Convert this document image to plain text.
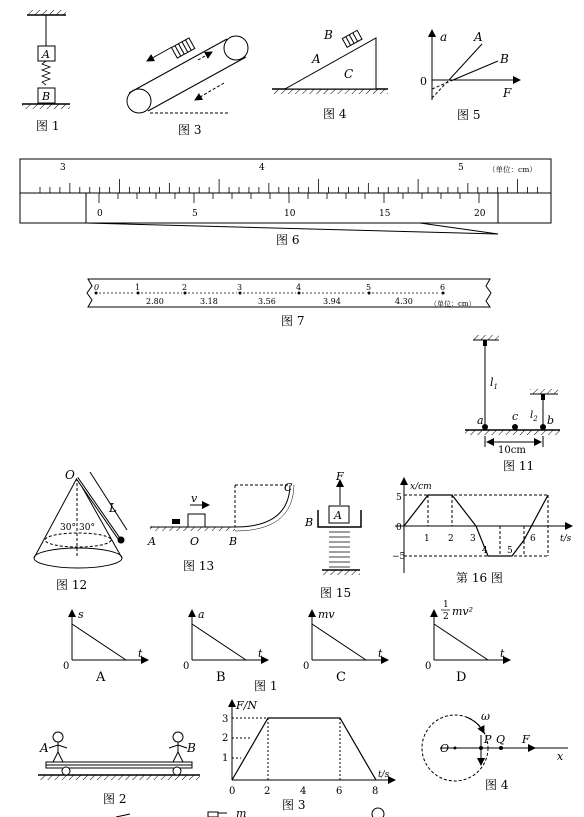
A
B
图 1	图 3
C
A
B
图 4
a
F
0
A
B
图 5
3	4	5	（单位：cm）
0	5	10	15	20
图 6
0	1	2	3	4	5	6
2.80	3.18	3.56	3.94	4.30 （单位：cm）
图 7
$l_1$
$l_2$
a	c	b
10cm
图 11
O
L
30° 30°
图 12
v
A	O	B
C
图 13
F
A
B
图 15
x/cm
t/s
5
0
−5
1 2 3
4 5
6
第 16 图
s
t
0
A
a
t
0
B
图 1
mv
t
0
C
1
2 mv²
t
0
D
A	B
图 2
F/N
t/s
3
2
1
0	2	4	6	8
图 3
ω
O
P Q F
x
图 4
m
